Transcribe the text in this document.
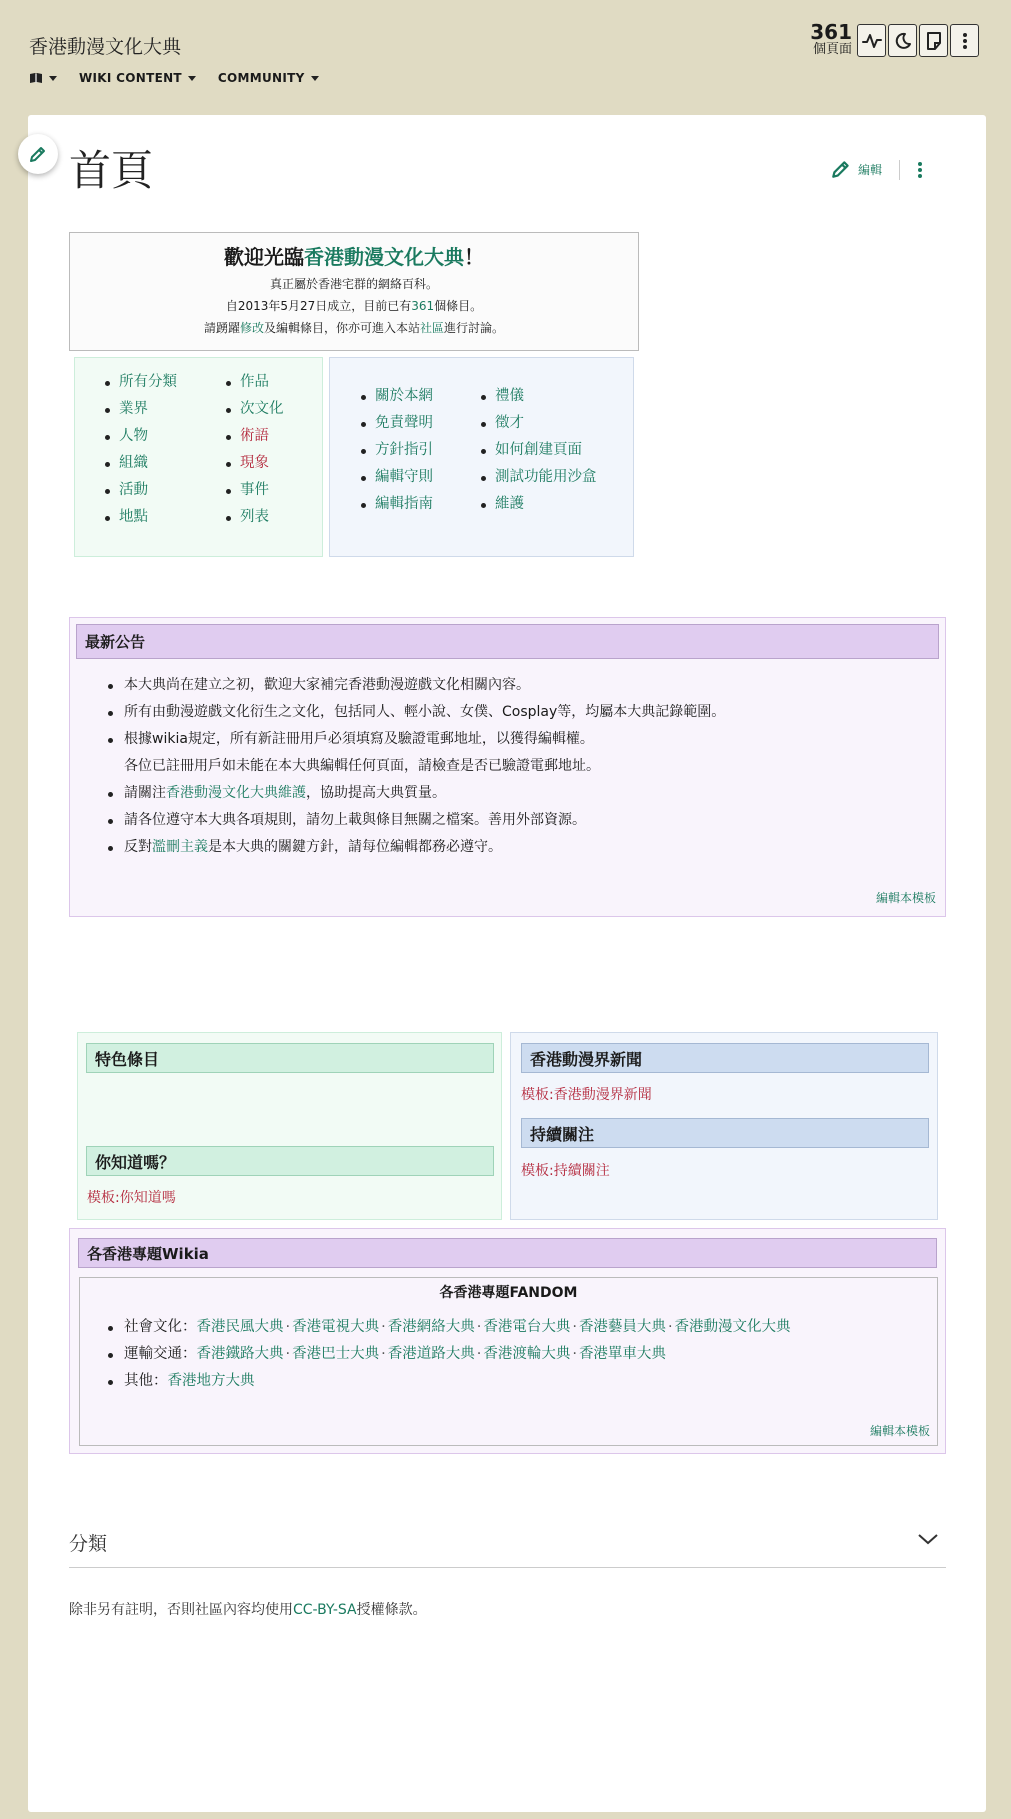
香港動漫文化大典
WIKI CONTENT	COMMUNITY
361
個頁面
首頁	編輯
歡迎光臨香港動漫文化大典！

真正屬於香港宅群的網絡百科。

自2013年5月27日成立，目前已有361個條目。

請踴躍修改及編輯條目，你亦可進入本站社區進行討論。

所有分類
業界
人物
組織
活動
地點
作品
次文化
術語
現象
事件
列表
關於本網
免責聲明
方針指引
編輯守則
編輯指南
禮儀
徵才
如何創建頁面
測試功能用沙盒
維護
最新公告
本大典尚在建立之初，歡迎大家補完香港動漫遊戲文化相關內容。
所有由動漫遊戲文化衍生之文化，包括同人、輕小說、女僕、Cosplay等，均屬本大典記錄範圍。
根據wikia規定，所有新註冊用戶必須填寫及驗證電郵地址，以獲得編輯權。
各位已註冊用戶如未能在本大典編輯任何頁面，請檢查是否已驗證電郵地址。
請關注香港動漫文化大典維護，協助提高大典質量。
請各位遵守本大典各項規則，請勿上載與條目無關之檔案。善用外部資源。
反對濫刪主義是本大典的關鍵方針，請每位編輯都務必遵守。
編輯本模板
特色條目
你知道嗎？
模板:你知道嗎
香港動漫界新聞
模板:香港動漫界新聞
持續關注
模板:持續關注
各香港專題Wikia
各香港專題FANDOM
社會文化：香港民風大典 · 香港電視大典 · 香港網絡大典 · 香港電台大典 · 香港藝員大典 · 香港動漫文化大典
運輸交通：香港鐵路大典 · 香港巴士大典 · 香港道路大典 · 香港渡輪大典 · 香港單車大典
其他：香港地方大典
編輯本模板
分類
除非另有註明，否則社區內容均使用CC-BY-SA授權條款。
